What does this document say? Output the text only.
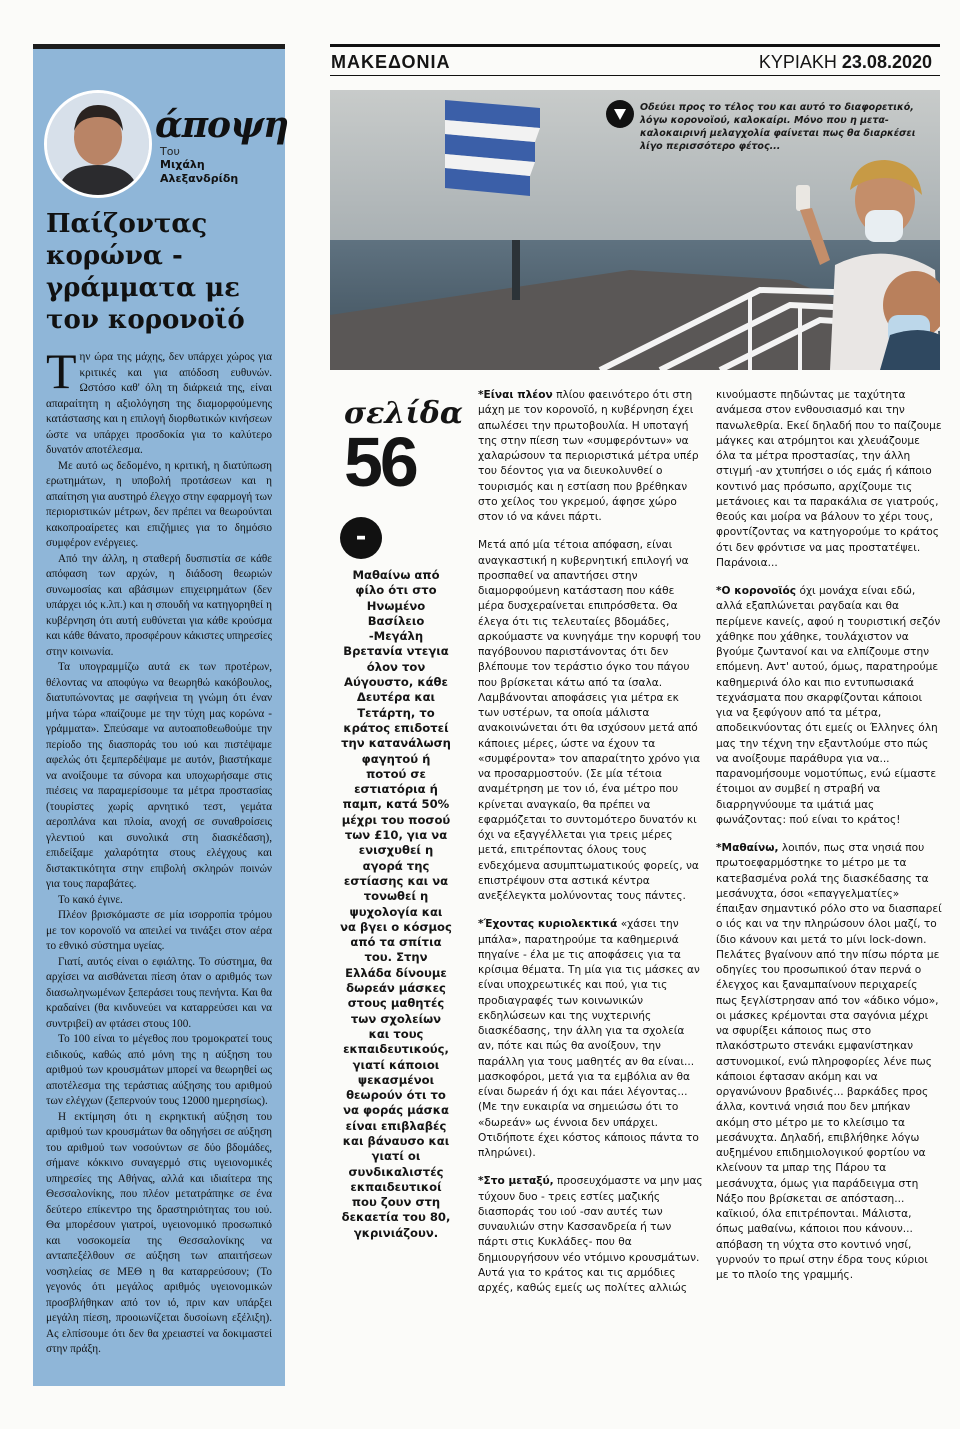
άποψη
Του
Μιχάλη Αλεξανδρίδη
Παίζοντας κορώνα - γράμματα με τον κορονοϊό

Την ώρα της μάχης, δεν υπάρχει χώρος για κριτικές και για απόδοση ευθυνών. Ωστόσο καθ' όλη τη διάρκειά της, είναι απαραίτητη η αξιολόγηση της διαμορφούμενης κατάστασης και η επιλογή διορθωτικών κινήσεων ώστε να υπάρχει προσδοκία για το καλύτερο δυνατόν αποτέλεσμα.

Με αυτό ως δεδομένο, η κριτική, η διατύπωση ερωτημάτων, η υποβολή προτάσεων και η απαίτηση για αυστηρό έλεγχο στην εφαρμογή των περιοριστικών μέτρων, δεν πρέπει να θεωρούνται κακοπροαίρετες και επιζήμιες για το δημόσιο συμφέρον ενέργειες.

Από την άλλη, η σταθερή δυσπιστία σε κάθε απόφαση των αρχών, η διάδοση θεωριών συνωμοσίας και αβάσιμων επιχειρημάτων (δεν υπάρχει ιός κ.λπ.) και η σπουδή να κατηγορηθεί η κυβέρνηση ότι αυτή ευθύνεται για κάθε κρούσμα και κάθε θάνατο, προσφέρουν κάκιστες υπηρεσίες στην κοινωνία.

Τα υπογραμμίζω αυτά εκ των προτέρων, θέλοντας να αποφύγω να θεωρηθώ κακόβουλος, διατυπώνοντας με σαφήνεια τη γνώμη ότι έναν μήνα τώρα «παίζουμε με την τύχη μας κορώνα - γράμματα». Σπεύσαμε να αυτοαποθεωθούμε την περίοδο της διασποράς του ιού και πιστέψαμε αφελώς ότι ξεμπερδέψαμε με αυτόν, βιαστήκαμε να ανοίξουμε τα σύνορα και υποχωρήσαμε στις πιέσεις να παραμερίσουμε τα μέτρα προστασίας (τουρίστες χωρίς αρνητικό τεστ, γεμάτα αεροπλάνα και πλοία, ανοχή σε συναθροίσεις γλεντιού και συνολικά στη διασκέδαση), επιδείξαμε χαλαρότητα στους ελέγχους και διστακτικότητα στην επιβολή σκληρών ποινών για τους παραβάτες.

Το κακό έγινε.

Πλέον βρισκόμαστε σε μία ισορροπία τρόμου με τον κορονοϊό να απειλεί να τινάξει στον αέρα το εθνικό σύστημα υγείας.

Γιατί, αυτός είναι ο εφιάλτης. Το σύστημα, θα αρχίσει να αισθάνεται πίεση όταν ο αριθμός των διασωληνωμένων ξεπεράσει τους πενήντα. Και θα κραδαίνει (θα κινδυνεύει να καταρρεύσει και να συντριβεί) αν φτάσει στους 100.

Το 100 είναι το μέγεθος που τρομοκρατεί τους ειδικούς, καθώς από μόνη της η αύξηση του αριθμού των κρουσμάτων μπορεί να θεωρηθεί ως αποτέλεσμα της τεράστιας αύξησης του αριθμού των ελέγχων (ξεπερνούν τους 12000 ημερησίως).

Η εκτίμηση ότι η εκρηκτική αύξηση του αριθμού των κρουσμάτων θα οδηγήσει σε αύξηση του αριθμού των νοσούντων σε δύο βδομάδες, σήμανε κόκκινο συναγερμό στις υγειονομικές υπηρεσίες της Αθήνας, αλλά και ιδιαίτερα της Θεσσαλονίκης, που πλέον μετατράπηκε σε ένα δεύτερο επίκεντρο της δραστηριότητας του ιού. Θα μπορέσουν γιατροί, υγειονομικό προσωπικό και νοσοκομεία της Θεσσαλονίκης να ανταπεξέλθουν σε αύξηση των απαιτήσεων νοσηλείας σε ΜΕΘ η θα καταρρεύσουν; (Το γεγονός ότι μεγάλος αριθμός υγειονομικών προσβλήθηκαν από τον ιό, πριν καν υπάρξει μεγάλη πίεση, προοιωνίζεται δυσοίωνη εξέλιξη). Ας ελπίσουμε ότι δεν θα χρειαστεί να δοκιμαστεί στην πράξη.

ΜΑΚΕΔΟΝΙΑ	ΚΥΡΙΑΚΗ 23.08.2020
Οδεύει προς το τέλος του και αυτό το διαφορετικό, λόγω κορονοϊού, καλοκαίρι. Μόνο που η μετα-καλοκαιρινή μελαγχολία φαίνεται πως θα διαρκέσει λίγο περισσότερο φέτος...
σελίδα
56
-
Μαθαίνω από φίλο ότι στο Ηνωμένο Βασίλειο -Μεγάλη Βρετανία ντεγια όλον τον Αύγουστο, κάθε Δευτέρα και Τετάρτη, το κράτος επιδοτεί την κατανάλωση φαγητού ή ποτού σε εστιατόρια ή παμπ, κατά 50% μέχρι του ποσού των £10, για να ενισχυθεί η αγορά της εστίασης και να τονωθεί η ψυχολογία και να βγει ο κόσμος από τα σπίτια του. Στην Ελλάδα δίνουμε δωρεάν μάσκες στους μαθητές των σχολείων και τους εκπαιδευτικούς, γιατί κάποιοι ψεκασμένοι θεωρούν ότι το να φοράς μάσκα είναι επιβλαβές και βάναυσο και γιατί οι συνδικαλιστές εκπαιδευτικοί που ζουν στη δεκαετία του 80, γκρινιάζουν.

*Είναι πλέον πλίου φαεινότερο ότι στη μάχη με τον κορονοϊό, η κυβέρνηση έχει απωλέσει την πρωτοβουλία. Η υποταγή της στην πίεση των «συμφερόντων» να χαλαρώσουν τα περιοριστικά μέτρα υπέρ του δέοντος για να διευκολυνθεί ο τουρισμός και η εστίαση που βρέθηκαν στο χείλος του γκρεμού, άφησε χώρο στον ιό να κάνει πάρτι.

Μετά από μία τέτοια απόφαση, είναι αναγκαστική η κυβερνητική επιλογή να προσπαθεί να απαντήσει στην διαμορφούμενη κατάσταση που κάθε μέρα δυσχεραίνεται επιπρόσθετα. Θα έλεγα ότι τις τελευταίες βδομάδες, αρκούμαστε να κυνηγάμε την κορυφή του παγόβουνου παριστάνοντας ότι δεν βλέπουμε τον τεράστιο όγκο του πάγου που βρίσκεται κάτω από τα ίσαλα. Λαμβάνονται αποφάσεις για μέτρα εκ των υστέρων, τα οποία μάλιστα ανακοινώνεται ότι θα ισχύσουν μετά από κάποιες μέρες, ώστε να έχουν τα «συμφέροντα» τον απαραίτητο χρόνο για να προσαρμοστούν. (Σε μία τέτοια αναμέτρηση με τον ιό, ένα μέτρο που κρίνεται αναγκαίο, θα πρέπει να εφαρμόζεται το συντομότερο δυνατόν κι όχι να εξαγγέλλεται για τρεις μέρες μετά, επιτρέποντας όλους τους ενδεχόμενα ασυμπτωματικούς φορείς, να επιστρέψουν στα αστικά κέντρα ανεξέλεγκτα μολύνοντας τους πάντες.

*Έχοντας κυριολεκτικά «χάσει την μπάλα», παρατηρούμε τα καθημερινά πηγαίνε - έλα με τις αποφάσεις για τα κρίσιμα θέματα. Τη μία για τις μάσκες αν είναι υποχρεωτικές και πού, για τις προδιαγραφές των κοινωνικών εκδηλώσεων και της νυχτερινής διασκέδασης, την άλλη για τα σχολεία αν, πότε και πώς θα ανοίξουν, την παράλλη για τους μαθητές αν θα είναι... μασκοφόροι, μετά για τα εμβόλια αν θα είναι δωρεάν ή όχι και πάει λέγοντας... (Με την ευκαιρία να σημειώσω ότι το «δωρεάν» ως έννοια δεν υπάρχει. Οτιδήποτε έχει κόστος κάποιος πάντα το πληρώνει).

*Στο μεταξύ, προσευχόμαστε να μην μας τύχουν δυο - τρεις εστίες μαζικής διασποράς του ιού -σαν αυτές των συναυλιών στην Κασσανδρεία ή των πάρτι στις Κυκλάδες- που θα δημιουργήσουν νέο ντόμινο κρουσμάτων. Αυτά για το κράτος και τις αρμόδιες αρχές, καθώς εμείς ως πολίτες αλλιώς

κινούμαστε πηδώντας με ταχύτητα ανάμεσα στον ενθουσιασμό και την πανωλεθρία. Εκεί δηλαδή που το παίζουμε μάγκες και ατρόμητοι και χλευάζουμε όλα τα μέτρα προστασίας, την άλλη στιγμή -αν χτυπήσει ο ιός εμάς ή κάποιο κοντινό μας πρόσωπο, αρχίζουμε τις μετάνοιες και τα παρακάλια σε γιατρούς, θεούς και μοίρα να βάλουν το χέρι τους, φροντίζοντας να κατηγορούμε το κράτος ότι δεν φρόντισε να μας προστατέψει. Παράνοια...

*Ο κορονοϊός όχι μονάχα είναι εδώ, αλλά εξαπλώνεται ραγδαία και θα περίμενε κανείς, αφού η τουριστική σεζόν χάθηκε που χάθηκε, τουλάχιστον να βγούμε ζωντανοί και να ελπίζουμε στην επόμενη. Αντ' αυτού, όμως, παρατηρούμε καθημερινά όλο και πιο εντυπωσιακά τεχνάσματα που σκαρφίζονται κάποιοι για να ξεφύγουν από τα μέτρα, αποδεικνύοντας ότι εμείς οι Έλληνες όλη μας την τέχνη την εξαντλούμε στο πώς να ανοίξουμε παράθυρα για να... παρανομήσουμε νομοτύπως, ενώ είμαστε έτοιμοι αν συμβεί η στραβή να διαρρηγνύουμε τα ιμάτιά μας φωνάζοντας: πού είναι το κράτος!

*Μαθαίνω, λοιπόν, πως στα νησιά που πρωτοεφαρμόστηκε το μέτρο με τα κατεβασμένα ρολά της διασκέδασης τα μεσάνυχτα, όσοι «επαγγελματίες» έπαιξαν σημαντικό ρόλο στο να διασπαρεί ο ιός και να την πληρώσουν όλοι μαζί, το ίδιο κάνουν και μετά το μίνι lock-down. Πελάτες βγαίνουν από την πίσω πόρτα με οδηγίες του προσωπικού όταν περνά ο έλεγχος και ξαναμπαίνουν περιχαρείς πως ξεγλίστρησαν από τον «άδικο νόμο», οι μάσκες κρέμονται στα σαγόνια μέχρι να σφυρίξει κάποιος πως στο πλακόστρωτο στενάκι εμφανίστηκαν αστυνομικοί, ενώ πληροφορίες λένε πως κάποιοι έφτασαν ακόμη και να οργανώνουν βραδινές... βαρκάδες προς άλλα, κοντινά νησιά που δεν μπήκαν ακόμη στο μέτρο με το κλείσιμο τα μεσάνυχτα. Δηλαδή, επιβλήθηκε λόγω αυξημένου επιδημιολογικού φορτίου να κλείνουν τα μπαρ της Πάρου τα μεσάνυχτα, όμως για παράδειγμα στη Νάξο που βρίσκεται σε απόσταση... καϊκιού, όλα επιτρέπονται. Μάλιστα, όπως μαθαίνω, κάποιοι που κάνουν... απόβαση τη νύχτα στο κοντινό νησί, γυρνούν το πρωί στην έδρα τους κύριοι με το πλοίο της γραμμής.
